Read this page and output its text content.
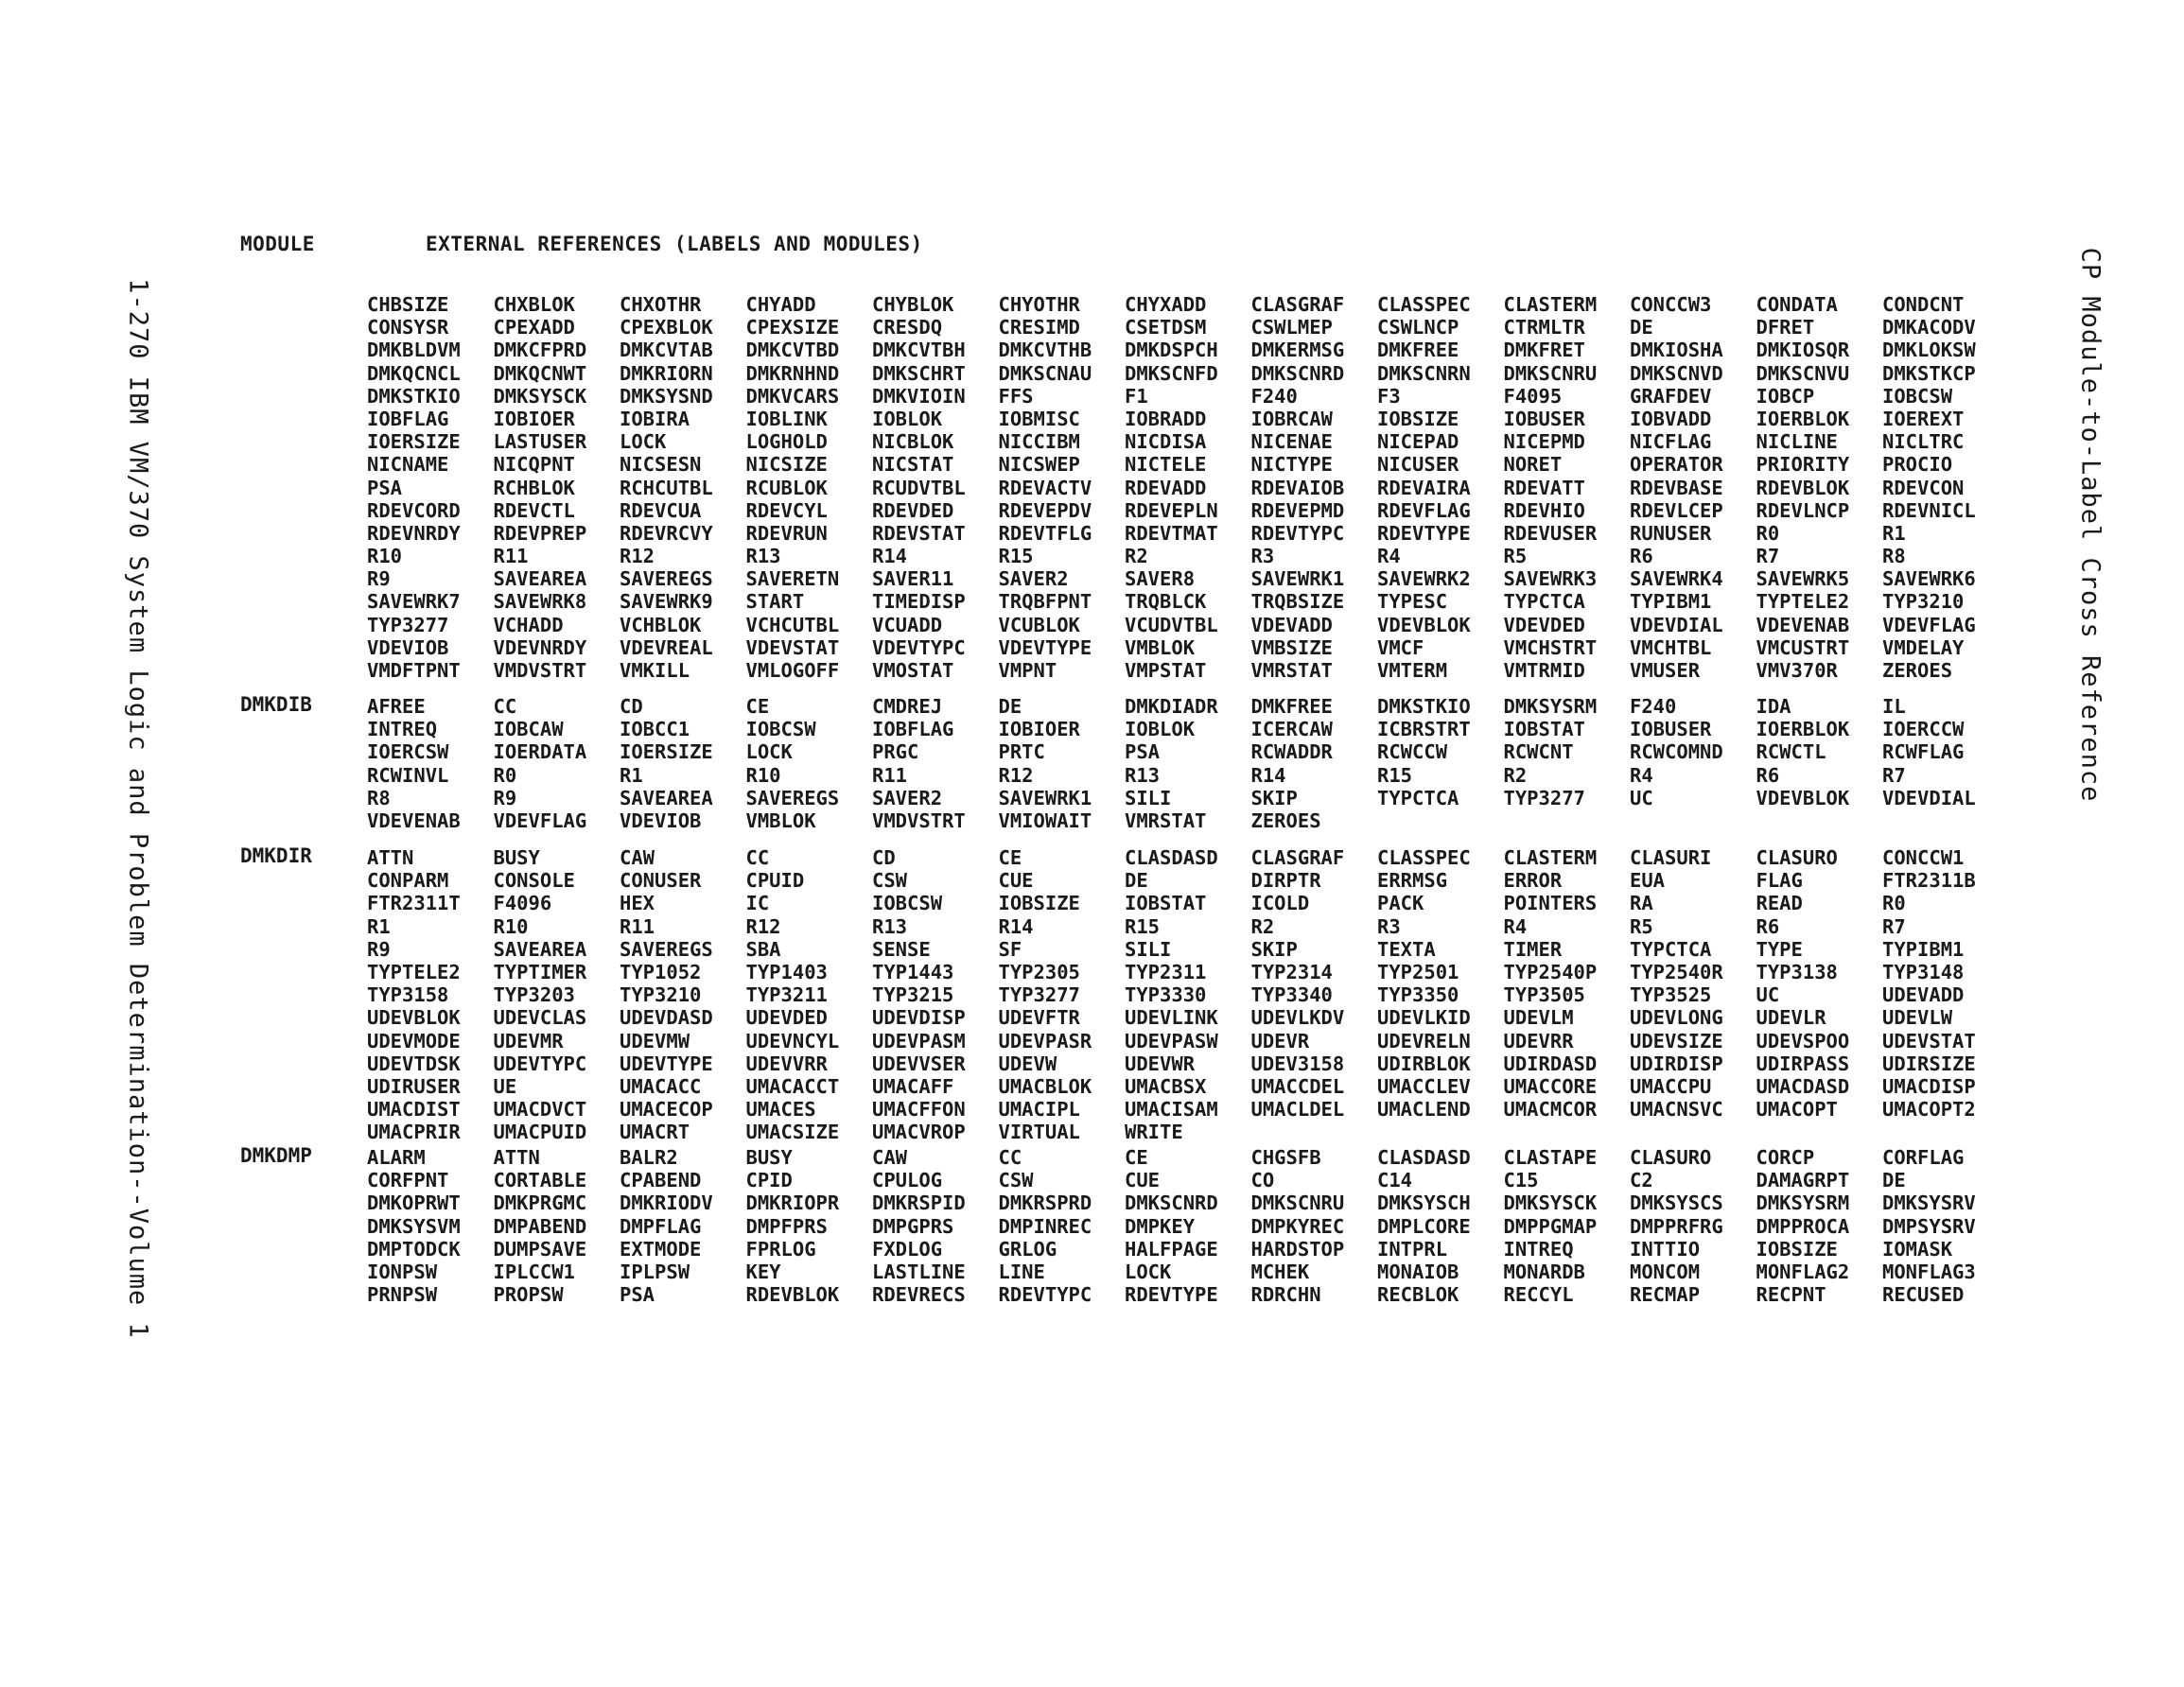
1-270 IBM VM/370 System Logic and Problem Determination--Volume 1	CP Module-to-Label Cross Reference
MODULE	EXTERNAL REFERENCES (LABELS AND MODULES)
CHBSIZE	CHXBLOK	CHXOTHR	CHYADD	CHYBLOK	CHYOTHR	CHYXADD	CLASGRAF	CLASSPEC	CLASTERM	CONCCW3	CONDATA	CONDCNT
CONSYSR	CPEXADD	CPEXBLOK	CPEXSIZE	CRESDQ	CRESIMD	CSETDSM	CSWLMEP	CSWLNCP	CTRMLTR	DE	DFRET	DMKACODV
DMKBLDVM	DMKCFPRD	DMKCVTAB	DMKCVTBD	DMKCVTBH	DMKCVTHB	DMKDSPCH	DMKERMSG	DMKFREE	DMKFRET	DMKIOSHA	DMKIOSQR	DMKLOKSW
DMKQCNCL	DMKQCNWT	DMKRIORN	DMKRNHND	DMKSCHRT	DMKSCNAU	DMKSCNFD	DMKSCNRD	DMKSCNRN	DMKSCNRU	DMKSCNVD	DMKSCNVU	DMKSTKCP
DMKSTKIO	DMKSYSCK	DMKSYSND	DMKVCARS	DMKVIOIN	FFS	F1	F240	F3	F4095	GRAFDEV	IOBCP	IOBCSW
IOBFLAG	IOBIOER	IOBIRA	IOBLINK	IOBLOK	IOBMISC	IOBRADD	IOBRCAW	IOBSIZE	IOBUSER	IOBVADD	IOERBLOK	IOEREXT
IOERSIZE	LASTUSER	LOCK	LOGHOLD	NICBLOK	NICCIBM	NICDISA	NICENAE	NICEPAD	NICEPMD	NICFLAG	NICLINE	NICLTRC
NICNAME	NICQPNT	NICSESN	NICSIZE	NICSTAT	NICSWEP	NICTELE	NICTYPE	NICUSER	NORET	OPERATOR	PRIORITY	PROCIO
PSA	RCHBLOK	RCHCUTBL	RCUBLOK	RCUDVTBL	RDEVACTV	RDEVADD	RDEVAIOB	RDEVAIRA	RDEVATT	RDEVBASE	RDEVBLOK	RDEVCON
RDEVCORD	RDEVCTL	RDEVCUA	RDEVCYL	RDEVDED	RDEVEPDV	RDEVEPLN	RDEVEPMD	RDEVFLAG	RDEVHIO	RDEVLCEP	RDEVLNCP	RDEVNICL
RDEVNRDY	RDEVPREP	RDEVRCVY	RDEVRUN	RDEVSTAT	RDEVTFLG	RDEVTMAT	RDEVTYPC	RDEVTYPE	RDEVUSER	RUNUSER	R0	R1
R10	R11	R12	R13	R14	R15	R2	R3	R4	R5	R6	R7	R8
R9	SAVEAREA	SAVEREGS	SAVERETN	SAVER11	SAVER2	SAVER8	SAVEWRK1	SAVEWRK2	SAVEWRK3	SAVEWRK4	SAVEWRK5	SAVEWRK6
SAVEWRK7	SAVEWRK8	SAVEWRK9	START	TIMEDISP	TRQBFPNT	TRQBLCK	TRQBSIZE	TYPESC	TYPCTCA	TYPIBM1	TYPTELE2	TYP3210
TYP3277	VCHADD	VCHBLOK	VCHCUTBL	VCUADD	VCUBLOK	VCUDVTBL	VDEVADD	VDEVBLOK	VDEVDED	VDEVDIAL	VDEVENAB	VDEVFLAG
VDEVIOB	VDEVNRDY	VDEVREAL	VDEVSTAT	VDEVTYPC	VDEVTYPE	VMBLOK	VMBSIZE	VMCF	VMCHSTRT	VMCHTBL	VMCUSTRT	VMDELAY
VMDFTPNT	VMDVSTRT	VMKILL	VMLOGOFF	VMOSTAT	VMPNT	VMPSTAT	VMRSTAT	VMTERM	VMTRMID	VMUSER	VMV370R	ZEROES
DMKDIB	AFREE	CC	CD	CE	CMDREJ	DE	DMKDIADR	DMKFREE	DMKSTKIO	DMKSYSRM	F240	IDA	IL
INTREQ	IOBCAW	IOBCC1	IOBCSW	IOBFLAG	IOBIOER	IOBLOK	ICERCAW	ICBRSTRT	IOBSTAT	IOBUSER	IOERBLOK	IOERCCW
IOERCSW	IOERDATA	IOERSIZE	LOCK	PRGC	PRTC	PSA	RCWADDR	RCWCCW	RCWCNT	RCWCOMND	RCWCTL	RCWFLAG
RCWINVL	R0	R1	R10	R11	R12	R13	R14	R15	R2	R4	R6	R7
R8	R9	SAVEAREA	SAVEREGS	SAVER2	SAVEWRK1	SILI	SKIP	TYPCTCA	TYP3277	UC	VDEVBLOK	VDEVDIAL
VDEVENAB	VDEVFLAG	VDEVIOB	VMBLOK	VMDVSTRT	VMIOWAIT	VMRSTAT	ZEROES
DMKDIR	ATTN	BUSY	CAW	CC	CD	CE	CLASDASD	CLASGRAF	CLASSPEC	CLASTERM	CLASURI	CLASURO	CONCCW1
CONPARM	CONSOLE	CONUSER	CPUID	CSW	CUE	DE	DIRPTR	ERRMSG	ERROR	EUA	FLAG	FTR2311B
FTR2311T	F4096	HEX	IC	IOBCSW	IOBSIZE	IOBSTAT	ICOLD	PACK	POINTERS	RA	READ	R0
R1	R10	R11	R12	R13	R14	R15	R2	R3	R4	R5	R6	R7
R9	SAVEAREA	SAVEREGS	SBA	SENSE	SF	SILI	SKIP	TEXTA	TIMER	TYPCTCA	TYPE	TYPIBM1
TYPTELE2	TYPTIMER	TYP1052	TYP1403	TYP1443	TYP2305	TYP2311	TYP2314	TYP2501	TYP2540P	TYP2540R	TYP3138	TYP3148
TYP3158	TYP3203	TYP3210	TYP3211	TYP3215	TYP3277	TYP3330	TYP3340	TYP3350	TYP3505	TYP3525	UC	UDEVADD
UDEVBLOK	UDEVCLAS	UDEVDASD	UDEVDED	UDEVDISP	UDEVFTR	UDEVLINK	UDEVLKDV	UDEVLKID	UDEVLM	UDEVLONG	UDEVLR	UDEVLW
UDEVMODE	UDEVMR	UDEVMW	UDEVNCYL	UDEVPASM	UDEVPASR	UDEVPASW	UDEVR	UDEVRELN	UDEVRR	UDEVSIZE	UDEVSPOO	UDEVSTAT
UDEVTDSK	UDEVTYPC	UDEVTYPE	UDEVVRR	UDEVVSER	UDEVW	UDEVWR	UDEV3158	UDIRBLOK	UDIRDASD	UDIRDISP	UDIRPASS	UDIRSIZE
UDIRUSER	UE	UMACACC	UMACACCT	UMACAFF	UMACBLOK	UMACBSX	UMACCDEL	UMACCLEV	UMACCORE	UMACCPU	UMACDASD	UMACDISP
UMACDIST	UMACDVCT	UMACECOP	UMACES	UMACFFON	UMACIPL	UMACISAM	UMACLDEL	UMACLEND	UMACMCOR	UMACNSVC	UMACOPT	UMACOPT2
UMACPRIR	UMACPUID	UMACRT	UMACSIZE	UMACVROP	VIRTUAL	WRITE
DMKDMP	ALARM	ATTN	BALR2	BUSY	CAW	CC	CE	CHGSFB	CLASDASD	CLASTAPE	CLASURO	CORCP	CORFLAG
CORFPNT	CORTABLE	CPABEND	CPID	CPULOG	CSW	CUE	CO	C14	C15	C2	DAMAGRPT	DE
DMKOPRWT	DMKPRGMC	DMKRIODV	DMKRIOPR	DMKRSPID	DMKRSPRD	DMKSCNRD	DMKSCNRU	DMKSYSCH	DMKSYSCK	DMKSYSCS	DMKSYSRM	DMKSYSRV
DMKSYSVM	DMPABEND	DMPFLAG	DMPFPRS	DMPGPRS	DMPINREC	DMPKEY	DMPKYREC	DMPLCORE	DMPPGMAP	DMPPRFRG	DMPPROCA	DMPSYSRV
DMPTODCK	DUMPSAVE	EXTMODE	FPRLOG	FXDLOG	GRLOG	HALFPAGE	HARDSTOP	INTPRL	INTREQ	INTTIO	IOBSIZE	IOMASK
IONPSW	IPLCCW1	IPLPSW	KEY	LASTLINE	LINE	LOCK	MCHEK	MONAIOB	MONARDB	MONCOM	MONFLAG2	MONFLAG3
PRNPSW	PROPSW	PSA	RDEVBLOK	RDEVRECS	RDEVTYPC	RDEVTYPE	RDRCHN	RECBLOK	RECCYL	RECMAP	RECPNT	RECUSED
